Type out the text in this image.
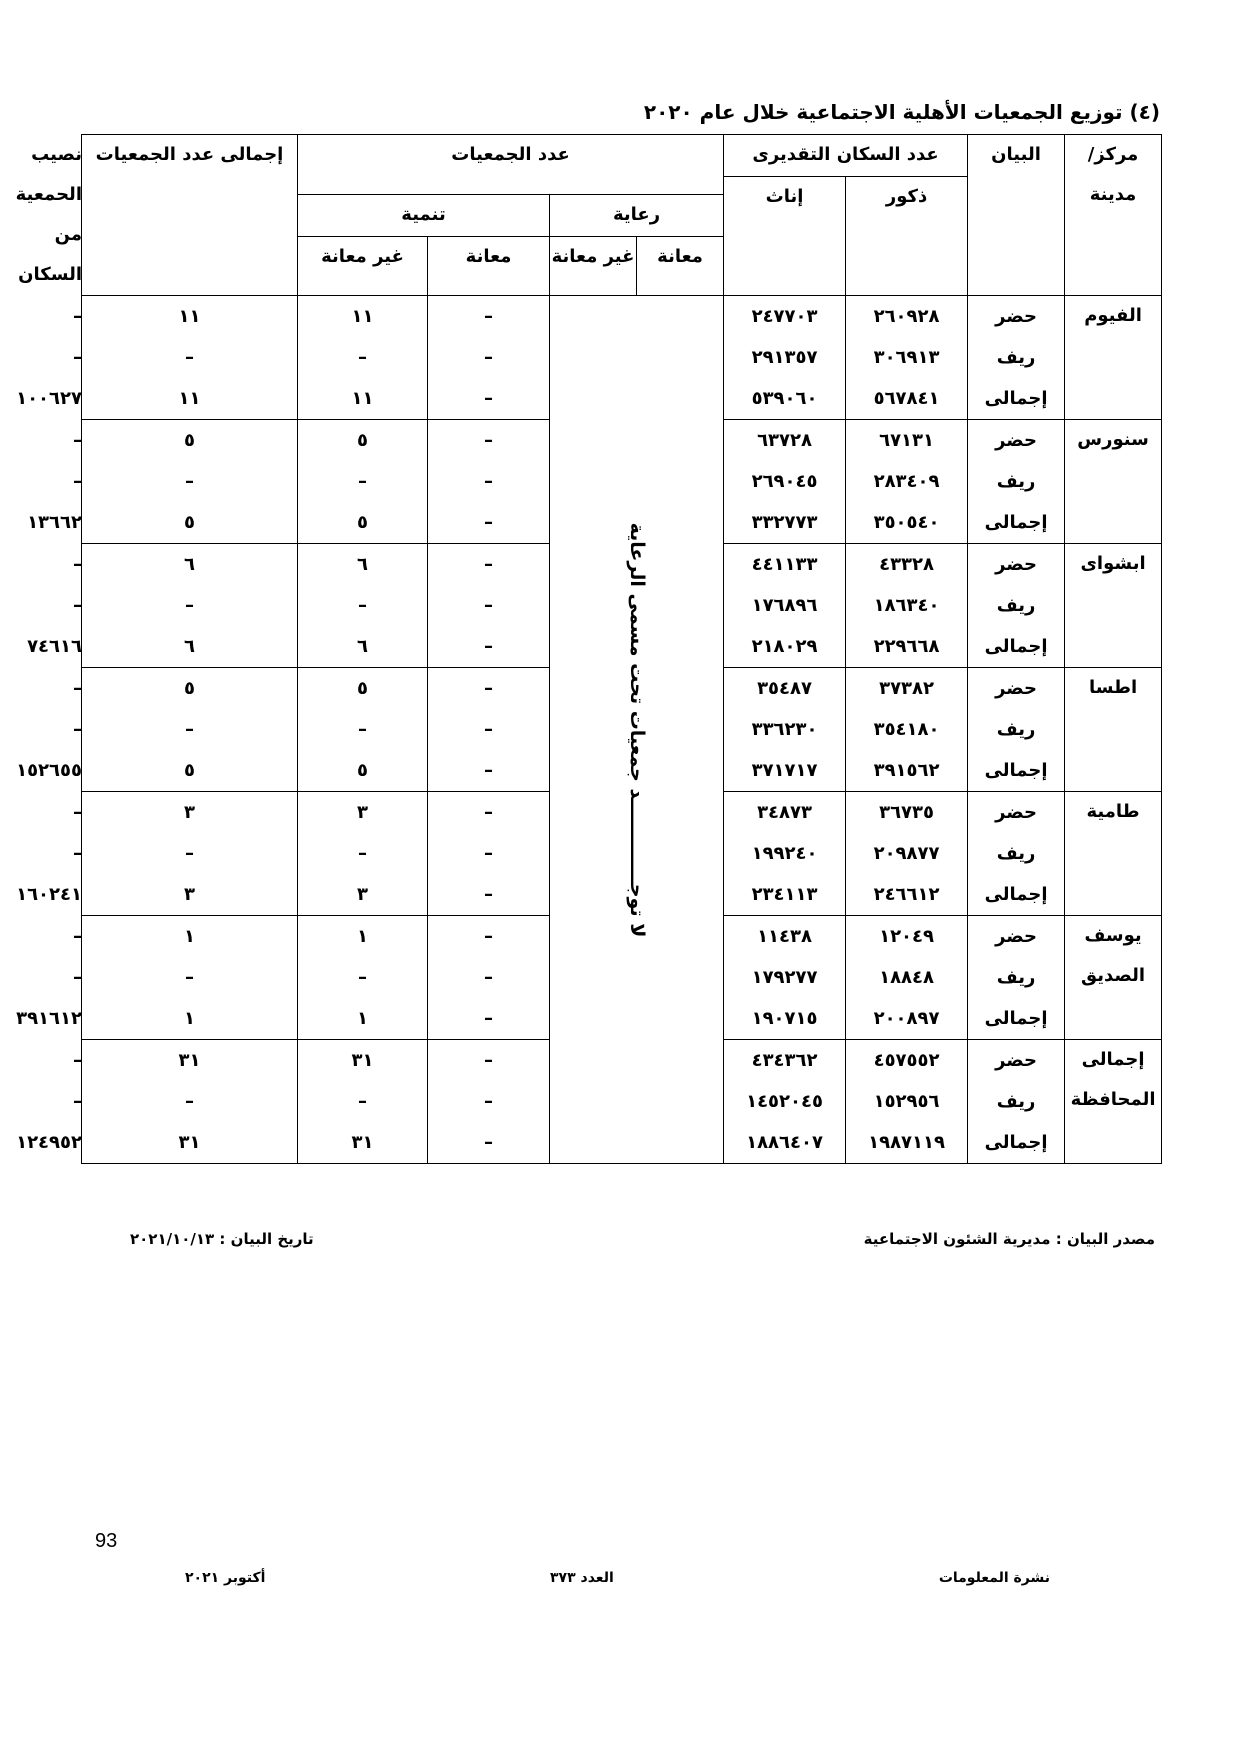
(٤) توزيع الجمعيات الأهلية الاجتماعية خلال عام ٢٠٢٠
مركز/مدينة	البيان	عدد السكان التقديرى		عدد الجمعيات				إجمالى عدد الجمعيات	نصيب الحمعية من السكان
		ذكور	إناث						
				رعاية		تنمية			
				معانة	غير معانة	معانة	غير معانة		

الفيوم	حضر	٢٦٠٩٢٨	٢٤٧٧٠٣	لا توجـــــــــــــد جمعيات تحت مسمى الرعاية		–	١١	١١	–
	ريف	٣٠٦٩١٣	٢٩١٣٥٧			–	–	–	–
	إجمالى	٥٦٧٨٤١	٥٣٩٠٦٠			–	١١	١١	١٠٠٦٢٧
سنورس	حضر	٦٧١٣١	٦٣٧٢٨			–	٥	٥	–
	ريف	٢٨٣٤٠٩	٢٦٩٠٤٥			–	–	–	–
	إجمالى	٣٥٠٥٤٠	٣٣٢٧٧٣			–	٥	٥	١٣٦٦٢
ابشواى	حضر	٤٣٣٢٨	٤٤١١٣٣			–	٦	٦	–
	ريف	١٨٦٣٤٠	١٧٦٨٩٦			–	–	–	–
	إجمالى	٢٢٩٦٦٨	٢١٨٠٢٩			–	٦	٦	٧٤٦١٦
اطسا	حضر	٣٧٣٨٢	٣٥٤٨٧			–	٥	٥	–
	ريف	٣٥٤١٨٠	٣٣٦٢٣٠			–	–	–	–
	إجمالى	٣٩١٥٦٢	٣٧١٧١٧			–	٥	٥	١٥٢٦٥٥
طامية	حضر	٣٦٧٣٥	٣٤٨٧٣			–	٣	٣	–
	ريف	٢٠٩٨٧٧	١٩٩٢٤٠			–	–	–	–
	إجمالى	٢٤٦٦١٢	٢٣٤١١٣			–	٣	٣	١٦٠٢٤١
يوسف الصديق	حضر	١٢٠٤٩	١١٤٣٨			–	١	١	–
	ريف	١٨٨٤٨	١٧٩٢٧٧			–	–	–	–
	إجمالى	٢٠٠٨٩٧	١٩٠٧١٥			–	١	١	٣٩١٦١٢
إجمالى المحافظة	حضر	٤٥٧٥٥٢	٤٣٤٣٦٢			–	٣١	٣١	–
	ريف	١٥٢٩٥٦	١٤٥٢٠٤٥			–	–	–	–
	إجمالى	١٩٨٧١١٩	١٨٨٦٤٠٧			–	٣١	٣١	١٢٤٩٥٢
مصدر البيان : مديرية الشئون الاجتماعية
تاريخ البيان : ٢٠٢١/١٠/١٣
93
أكتوبر ٢٠٢١	العدد ٣٧٣	نشرة المعلومات
